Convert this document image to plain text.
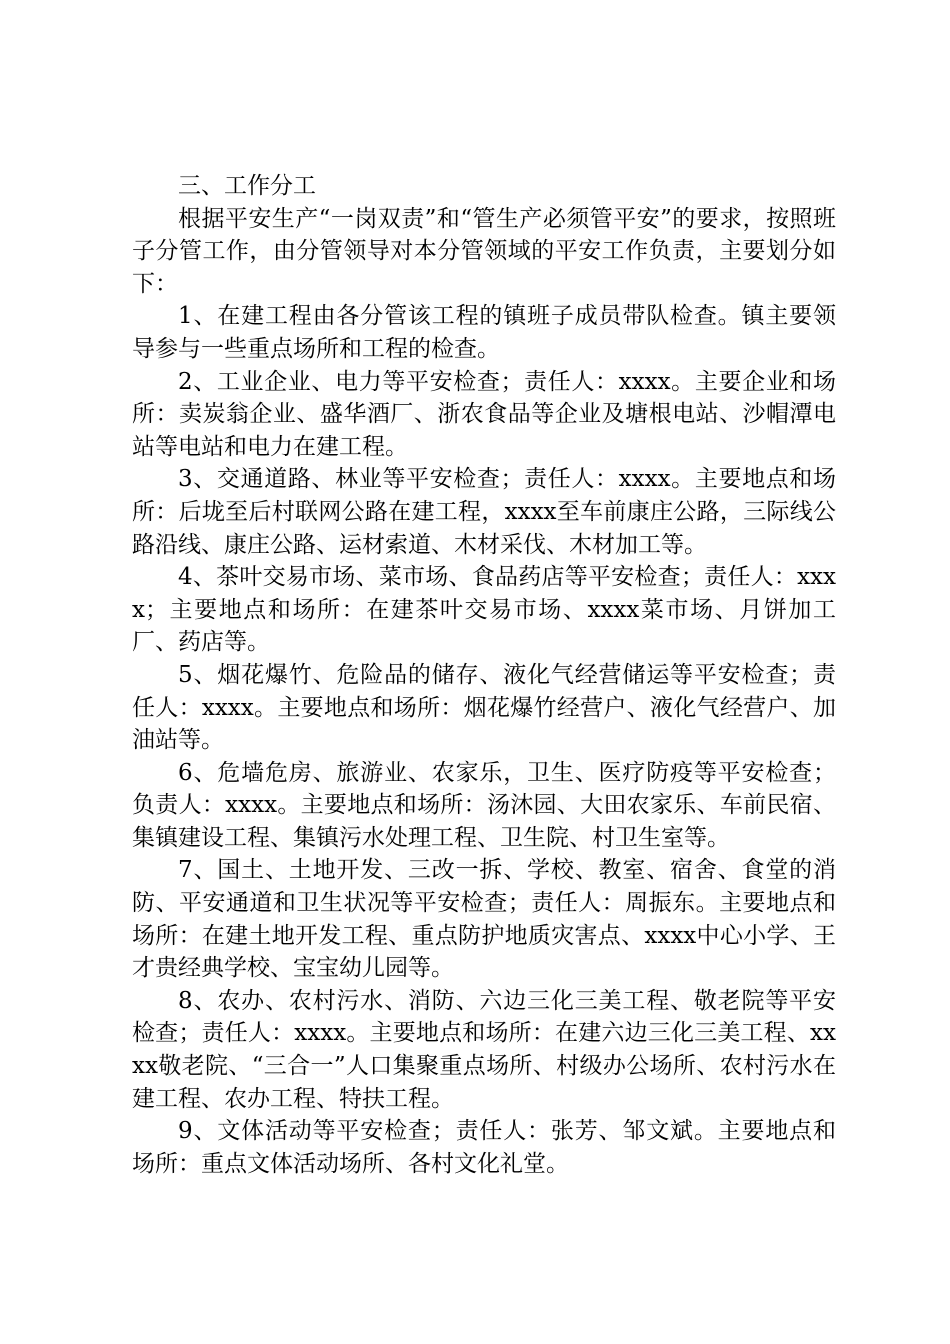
三、工作分工

根据平安生产“一岗双责”和“管生产必须管平安”的要求，按照班子分管工作，由分管领导对本分管领域的平安工作负责，主要划分如下：

1、在建工程由各分管该工程的镇班子成员带队检查。镇主要领导参与一些重点场所和工程的检查。

2、工业企业、电力等平安检查；责任人：xxxx。主要企业和场所：卖炭翁企业、盛华酒厂、浙农食品等企业及塘根电站、沙帽潭电站等电站和电力在建工程。

3、交通道路、林业等平安检查；责任人：xxxx。主要地点和场所：后垅至后村联网公路在建工程，xxxx至车前康庄公路，三际线公路沿线、康庄公路、运材索道、木材采伐、木材加工等。

4、茶叶交易市场、菜市场、食品药店等平安检查；责任人：xxxx；主要地点和场所：在建茶叶交易市场、xxxx菜市场、月饼加工厂、药店等。

5、烟花爆竹、危险品的储存、液化气经营储运等平安检查；责任人：xxxx。主要地点和场所：烟花爆竹经营户、液化气经营户、加油站等。

6、危墙危房、旅游业、农家乐，卫生、医疗防疫等平安检查；负责人：xxxx。主要地点和场所：汤沐园、大田农家乐、车前民宿、集镇建设工程、集镇污水处理工程、卫生院、村卫生室等。

7、国土、土地开发、三改一拆、学校、教室、宿舍、食堂的消防、平安通道和卫生状况等平安检查；责任人：周振东。主要地点和场所：在建土地开发工程、重点防护地质灾害点、xxxx中心小学、王才贵经典学校、宝宝幼儿园等。

8、农办、农村污水、消防、六边三化三美工程、敬老院等平安检查；责任人：xxxx。主要地点和场所：在建六边三化三美工程、xxxx敬老院、“三合一”人口集聚重点场所、村级办公场所、农村污水在建工程、农办工程、特扶工程。

9、文体活动等平安检查；责任人：张芳、邹文斌。主要地点和场所：重点文体活动场所、各村文化礼堂。
